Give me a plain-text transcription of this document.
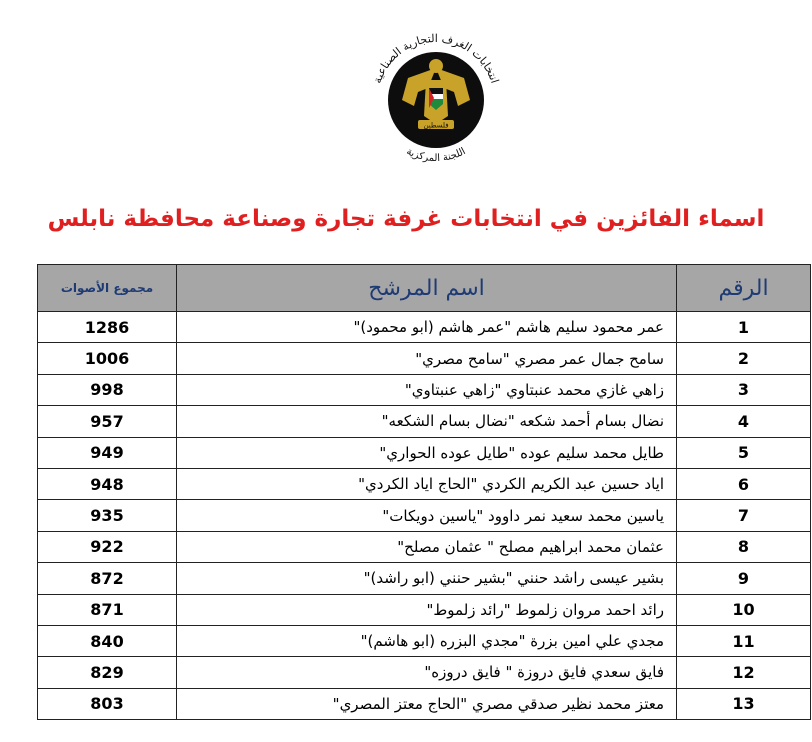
انتخابات الغرف التجارية الصناعية
فلسطين
اللجنة المركزية
اسماء الفائزين في انتخابات غرفة تجارة وصناعة محافظة نابلس
الرقم	اسم المرشح	مجموع الأصوات
1	عمر محمود سليم هاشم "عمر هاشم (ابو محمود)"	1286
2	سامح جمال عمر مصري "سامح مصري"	1006
3	زاهي غازي محمد عنبتاوي "زاهي عنبتاوي"	998
4	نضال بسام أحمد شكعه "نضال بسام الشكعه"	957
5	طايل محمد سليم عوده "طايل عوده الحواري"	949
6	اياد حسين عبد الكريم الكردي "الحاج اياد الكردي"	948
7	ياسين محمد سعيد نمر داوود "ياسين دويكات"	935
8	عثمان محمد ابراهيم مصلح " عثمان مصلح"	922
9	بشير عيسى راشد حنني "بشير حنني (ابو راشد)"	872
10	رائد احمد مروان زلموط "رائد زلموط"	871
11	مجدي علي امين بزرة "مجدي البزره (ابو هاشم)"	840
12	فايق سعدي فايق دروزة " فايق دروزه"	829
13	معتز محمد نظير صدقي مصري "الحاج معتز المصري"	803
